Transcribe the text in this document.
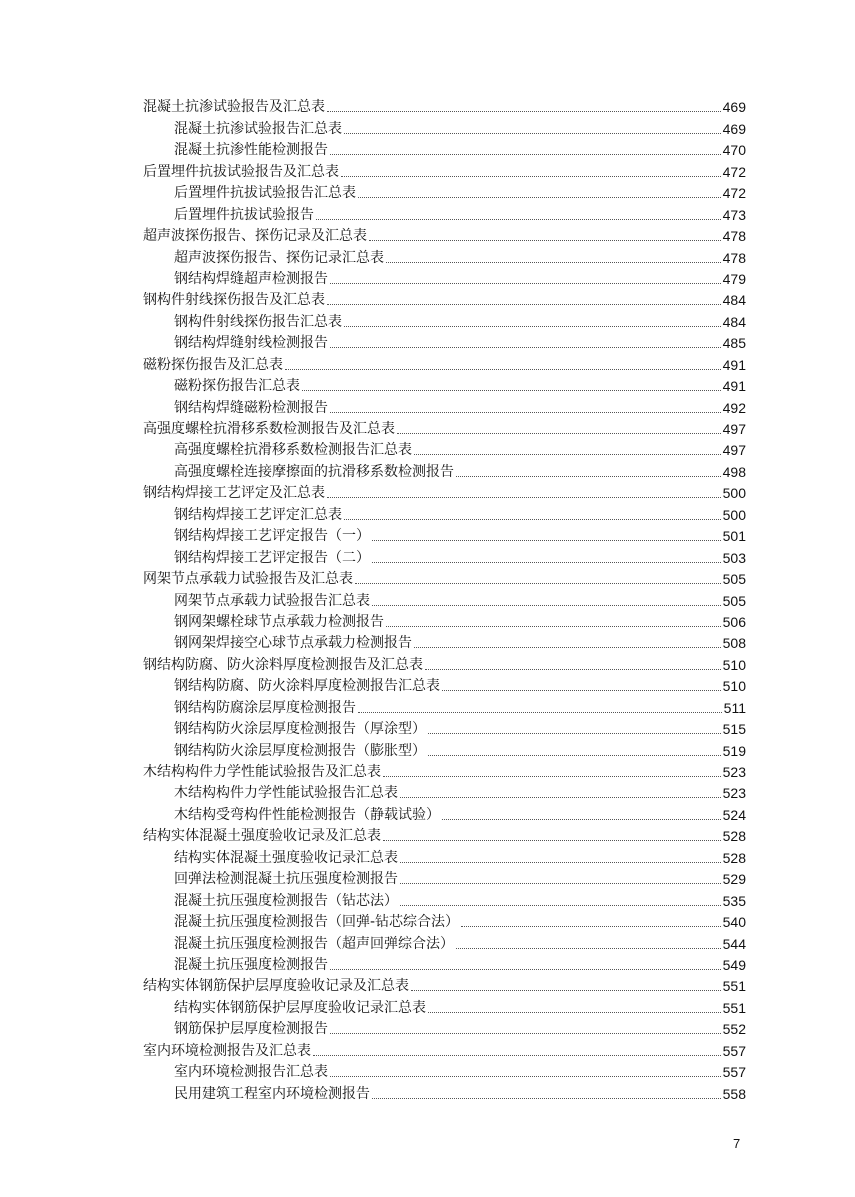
混凝土抗渗试验报告及汇总表	469
混凝土抗渗试验报告汇总表	469
混凝土抗渗性能检测报告	470
后置埋件抗拔试验报告及汇总表	472
后置埋件抗拔试验报告汇总表	472
后置埋件抗拔试验报告	473
超声波探伤报告、探伤记录及汇总表	478
超声波探伤报告、探伤记录汇总表	478
钢结构焊缝超声检测报告	479
钢构件射线探伤报告及汇总表	484
钢构件射线探伤报告汇总表	484
钢结构焊缝射线检测报告	485
磁粉探伤报告及汇总表	491
磁粉探伤报告汇总表	491
钢结构焊缝磁粉检测报告	492
高强度螺栓抗滑移系数检测报告及汇总表	497
高强度螺栓抗滑移系数检测报告汇总表	497
高强度螺栓连接摩擦面的抗滑移系数检测报告	498
钢结构焊接工艺评定及汇总表	500
钢结构焊接工艺评定汇总表	500
钢结构焊接工艺评定报告（一）	501
钢结构焊接工艺评定报告（二）	503
网架节点承载力试验报告及汇总表	505
网架节点承载力试验报告汇总表	505
钢网架螺栓球节点承载力检测报告	506
钢网架焊接空心球节点承载力检测报告	508
钢结构防腐、防火涂料厚度检测报告及汇总表	510
钢结构防腐、防火涂料厚度检测报告汇总表	510
钢结构防腐涂层厚度检测报告	511
钢结构防火涂层厚度检测报告（厚涂型）	515
钢结构防火涂层厚度检测报告（膨胀型）	519
木结构构件力学性能试验报告及汇总表	523
木结构构件力学性能试验报告汇总表	523
木结构受弯构件性能检测报告（静载试验）	524
结构实体混凝土强度验收记录及汇总表	528
结构实体混凝土强度验收记录汇总表	528
回弹法检测混凝土抗压强度检测报告	529
混凝土抗压强度检测报告（钻芯法）	535
混凝土抗压强度检测报告（回弹-钻芯综合法）	540
混凝土抗压强度检测报告（超声回弹综合法）	544
混凝土抗压强度检测报告	549
结构实体钢筋保护层厚度验收记录及汇总表	551
结构实体钢筋保护层厚度验收记录汇总表	551
钢筋保护层厚度检测报告	552
室内环境检测报告及汇总表	557
室内环境检测报告汇总表	557
民用建筑工程室内环境检测报告	558
7
